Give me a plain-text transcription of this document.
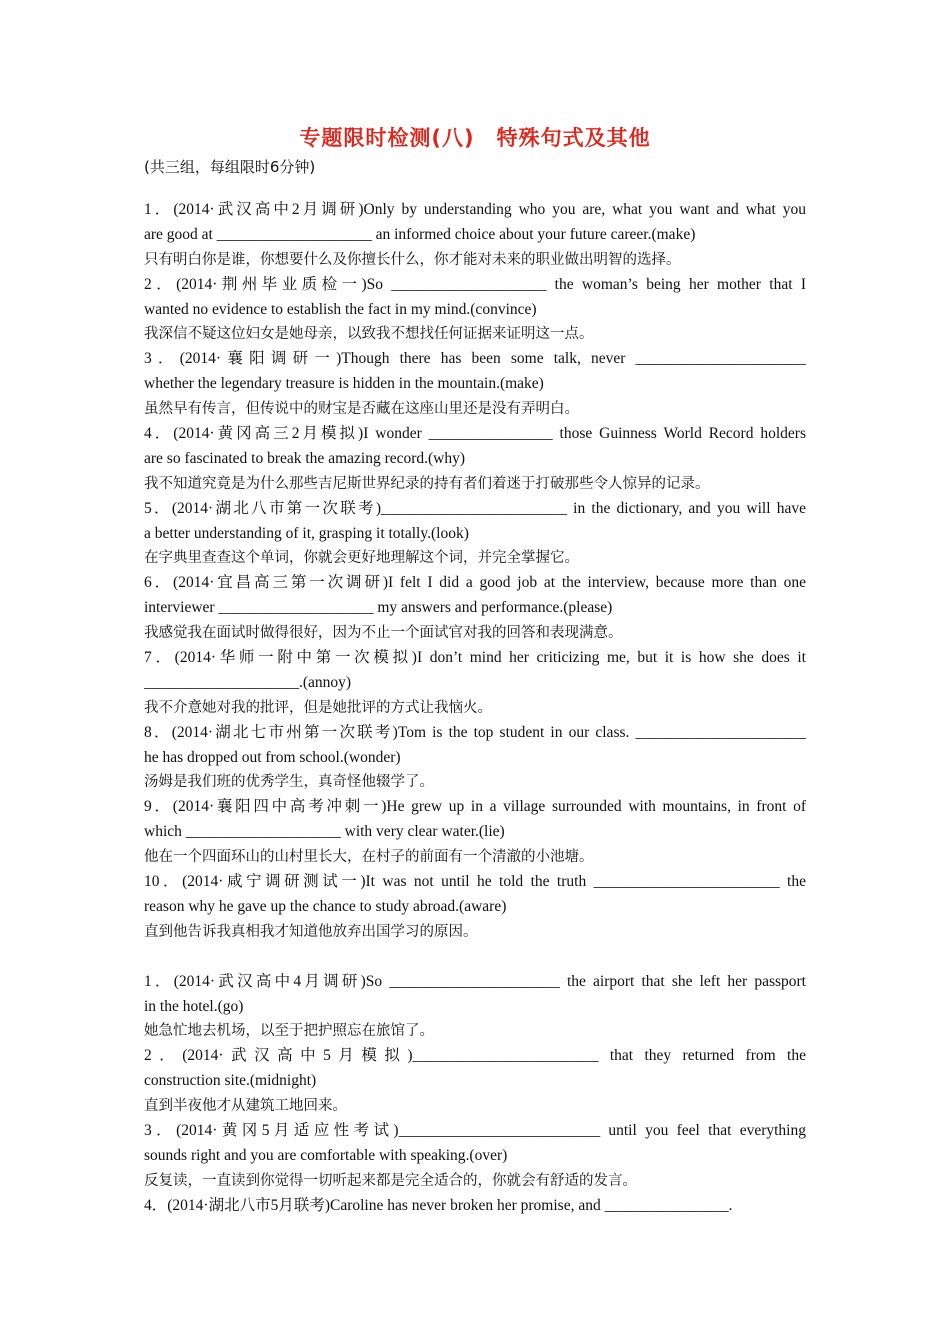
专题限时检测(八)　特殊句式及其他
(共三组，每组限时6分钟)
1．(2014·武汉高中2月调研)Only by understanding who you are, what you want and what you
are good at ____________________ an informed choice about your future career.(make)
只有明白你是谁，你想要什么及你擅长什么，你才能对未来的职业做出明智的选择。
2．(2014·荆州毕业质检一)So ____________________ the woman’s being her mother that I
wanted no evidence to establish the fact in my mind.(convince)
我深信不疑这位妇女是她母亲，以致我不想找任何证据来证明这一点。
3．(2014·襄阳调研一)Though there has been some talk, never ______________________
whether the legendary treasure is hidden in the mountain.(make)
虽然早有传言，但传说中的财宝是否藏在这座山里还是没有弄明白。
4．(2014·黄冈高三2月模拟)I wonder ________________ those Guinness World Record holders
are so fascinated to break the amazing record.(why)
我不知道究竟是为什么那些吉尼斯世界纪录的持有者们着迷于打破那些令人惊异的记录。
5．(2014·湖北八市第一次联考)________________________ in the dictionary, and you will have
a better understanding of it, grasping it totally.(look)
在字典里查查这个单词，你就会更好地理解这个词，并完全掌握它。
6．(2014·宜昌高三第一次调研)I felt I did a good job at the interview, because more than one
interviewer ____________________ my answers and performance.(please)
我感觉我在面试时做得很好，因为不止一个面试官对我的回答和表现满意。
7．(2014·华师一附中第一次模拟)I don’t mind her criticizing me, but it is how she does it
____________________.(annoy)
我不介意她对我的批评，但是她批评的方式让我恼火。
8．(2014·湖北七市州第一次联考)Tom is the top student in our class. ______________________
he has dropped out from school.(wonder)
汤姆是我们班的优秀学生，真奇怪他辍学了。
9．(2014·襄阳四中高考冲刺一)He grew up in a village surrounded with mountains, in front of
which ____________________ with very clear water.(lie)
他在一个四面环山的山村里长大，在村子的前面有一个清澈的小池塘。
10．(2014·咸宁调研测试一)It was not until he told the truth ________________________ the
reason why he gave up the chance to study abroad.(aware)
直到他告诉我真相我才知道他放弃出国学习的原因。
1．(2014·武汉高中4月调研)So ______________________ the airport that she left her passport
in the hotel.(go)
她急忙地去机场，以至于把护照忘在旅馆了。
2．(2014·武汉高中5月模拟)________________________ that they returned from the
construction site.(midnight)
直到半夜他才从建筑工地回来。
3．(2014·黄冈5月适应性考试)__________________________ until you feel that everything
sounds right and you are comfortable with speaking.(over)
反复读，一直读到你觉得一切听起来都是完全适合的，你就会有舒适的发言。
4．(2014·湖北八市5月联考)Caroline has never broken her promise, and ________________.
